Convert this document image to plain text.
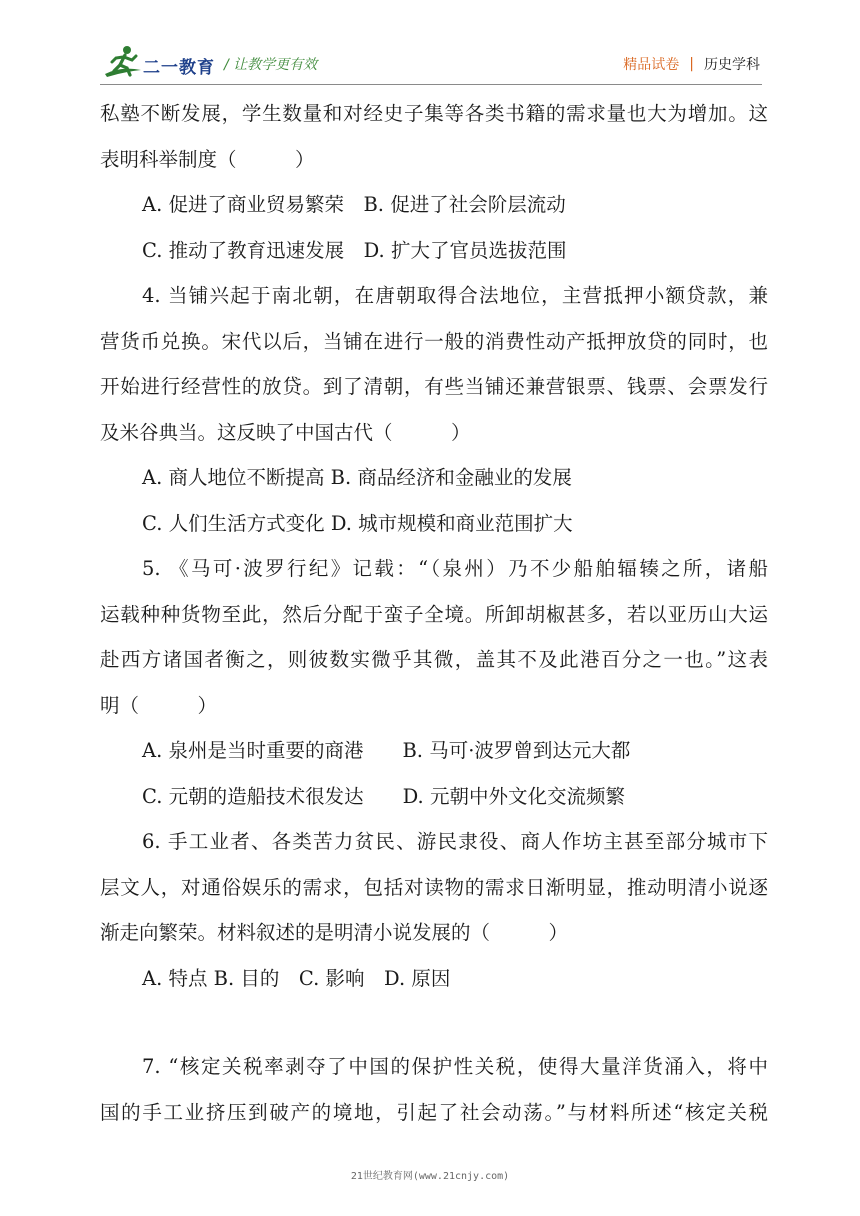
二一教育 / 让教学更有效	精品试卷 | 历史学科
私塾不断发展，学生数量和对经史子集等各类书籍的需求量也大为增加。这
表明科举制度（　　　）
A. 促进了商业贸易繁荣　B. 促进了社会阶层流动
C. 推动了教育迅速发展　D. 扩大了官员选拔范围
4. 当铺兴起于南北朝，在唐朝取得合法地位，主营抵押小额贷款，兼
营货币兑换。宋代以后，当铺在进行一般的消费性动产抵押放贷的同时，也
开始进行经营性的放贷。到了清朝，有些当铺还兼营银票、钱票、会票发行
及米谷典当。这反映了中国古代（　　　）
A. 商人地位不断提高 B. 商品经济和金融业的发展
C. 人们生活方式变化 D. 城市规模和商业范围扩大
5. 《马可·波罗行纪》记载：“（泉州）乃不少船舶辐辏之所，诸船
运载种种货物至此，然后分配于蛮子全境。所卸胡椒甚多，若以亚历山大运
赴西方诸国者衡之，则彼数实微乎其微，盖其不及此港百分之一也。”这表
明（　　　）
A. 泉州是当时重要的商港　　B. 马可·波罗曾到达元大都
C. 元朝的造船技术很发达　　D. 元朝中外文化交流频繁
6. 手工业者、各类苦力贫民、游民隶役、商人作坊主甚至部分城市下
层文人，对通俗娱乐的需求，包括对读物的需求日渐明显，推动明清小说逐
渐走向繁荣。材料叙述的是明清小说发展的（　　　）
A. 特点 B. 目的　C. 影响　D. 原因
7. “核定关税率剥夺了中国的保护性关税，使得大量洋货涌入，将中
国的手工业挤压到破产的境地，引起了社会动荡。”与材料所述“核定关税
21世纪教育网(www.21cnjy.com)
